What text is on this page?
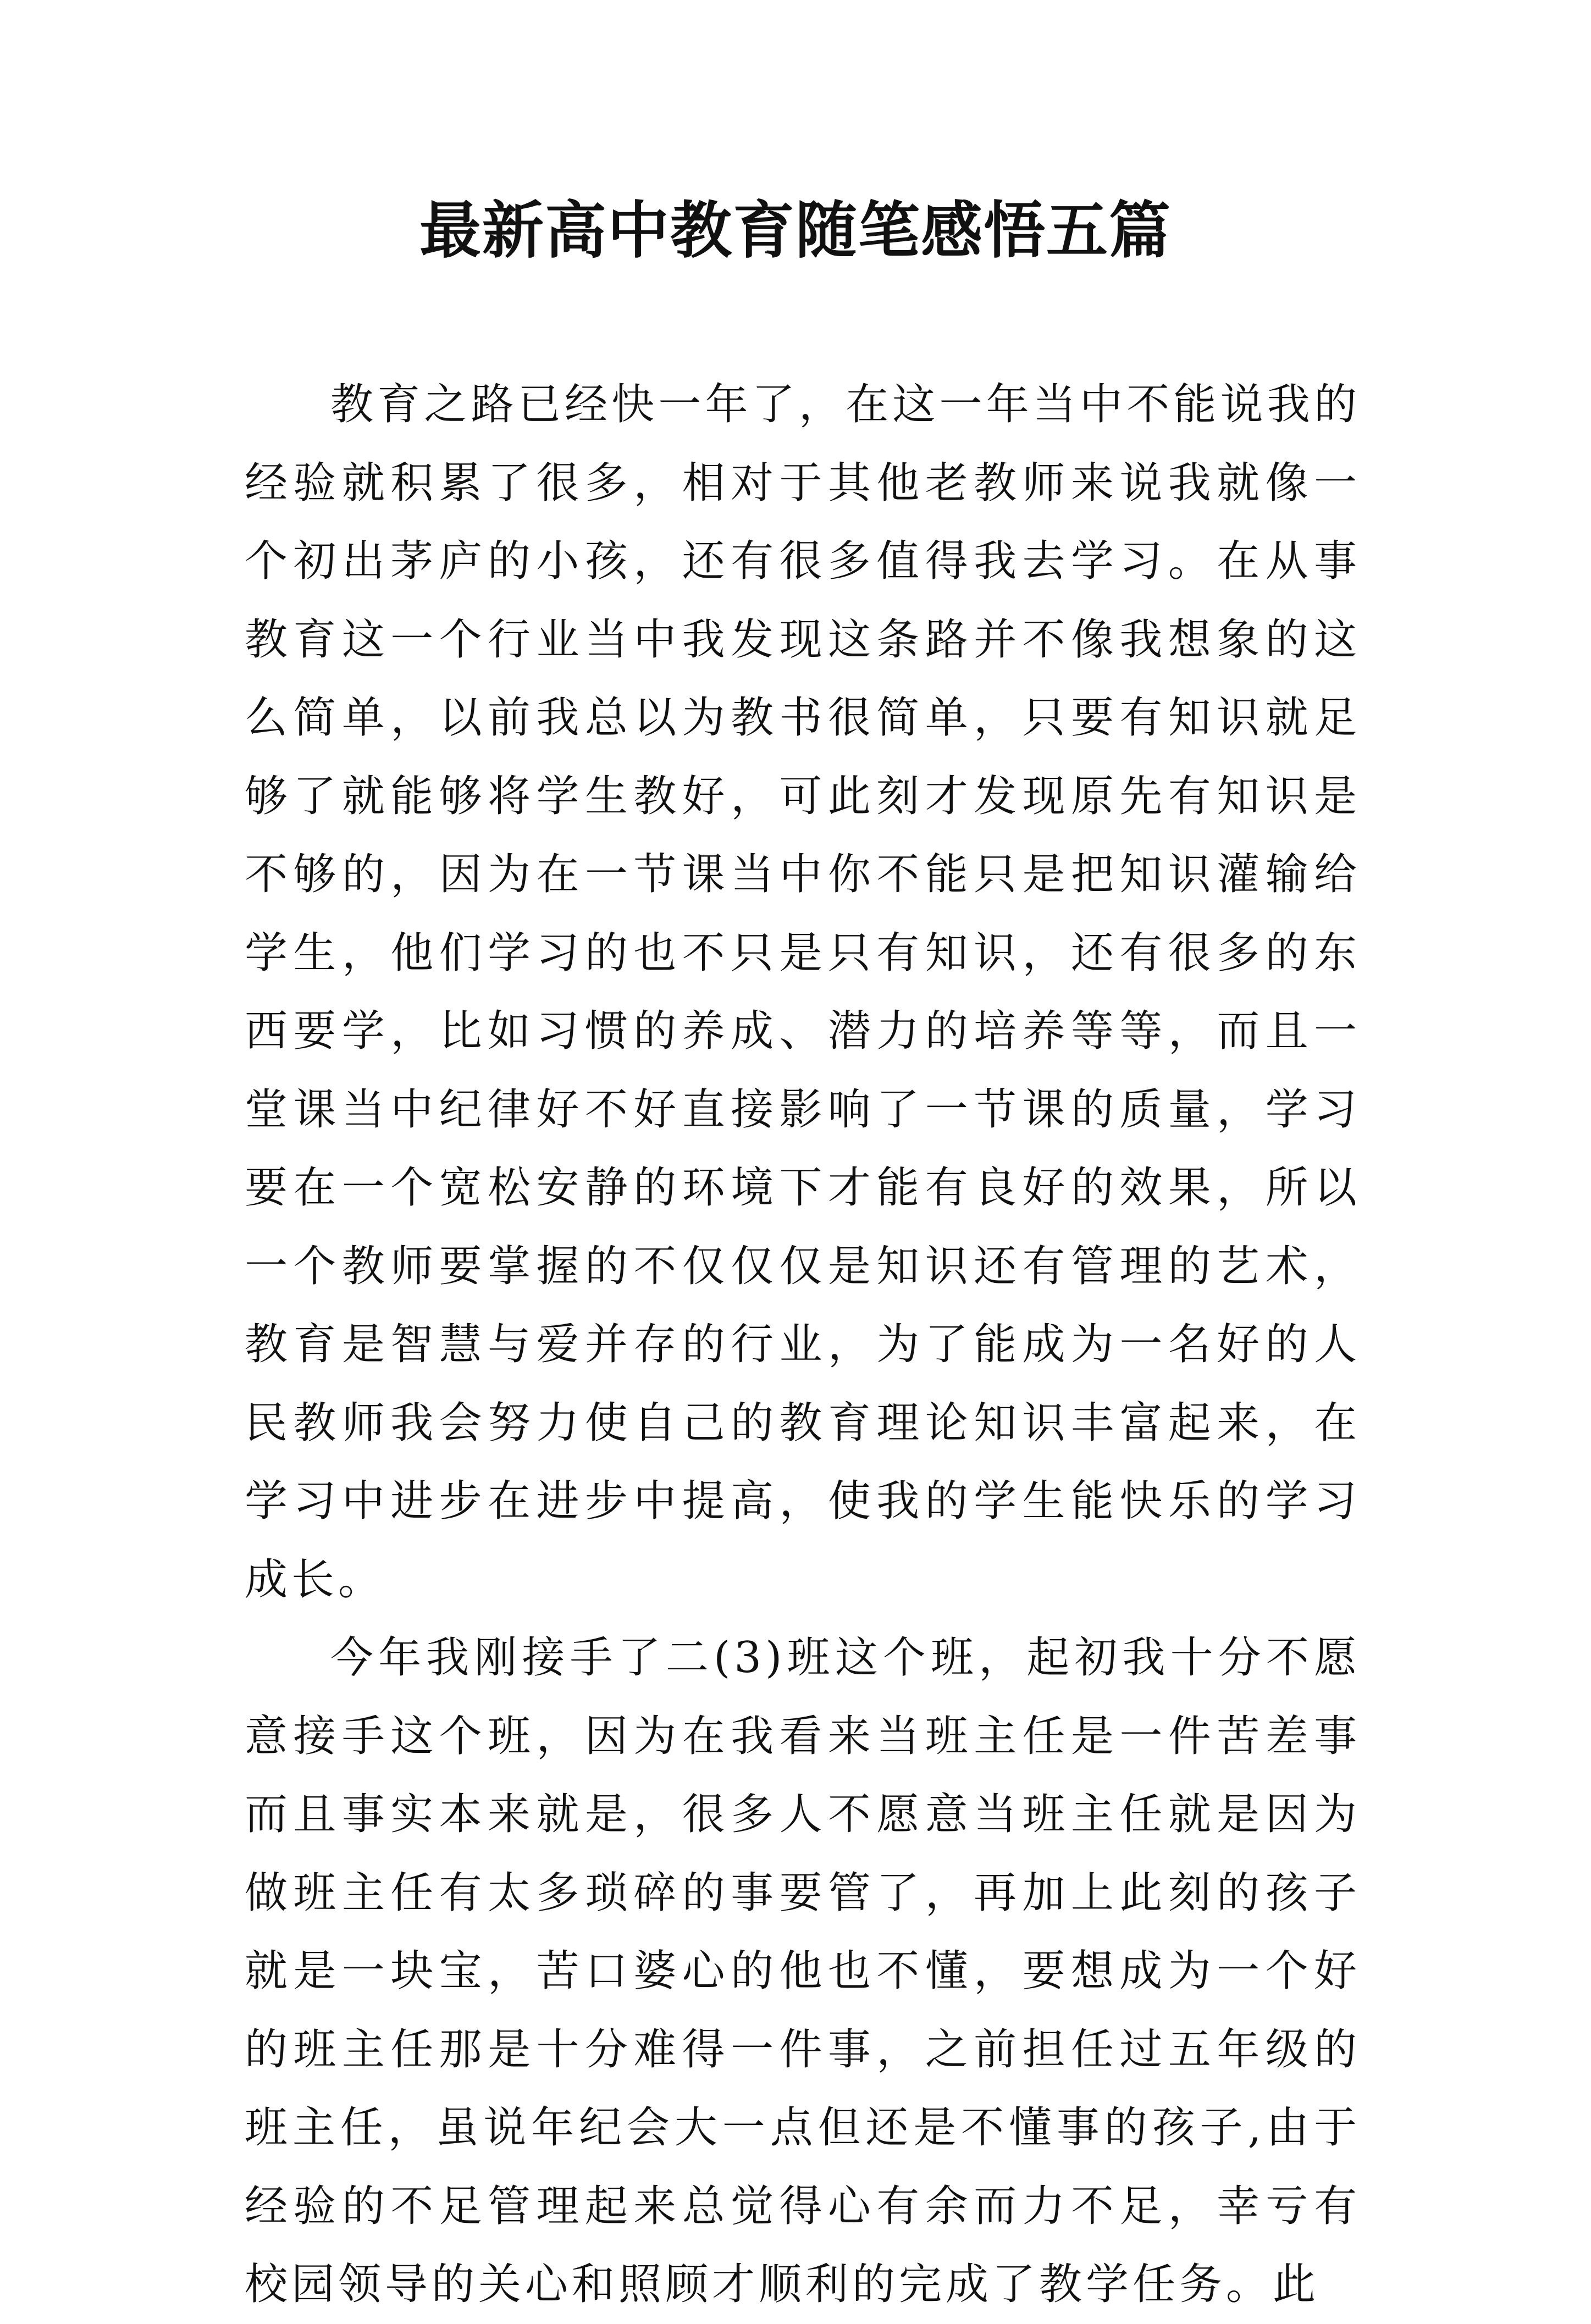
最新高中教育随笔感悟五篇

教育之路已经快一年了，在这一年当中不能说我的经验就积累了很多，相对于其他老教师来说我就像一个初出茅庐的小孩，还有很多值得我去学习。在从事教育这一个行业当中我发现这条路并不像我想象的这么简单，以前我总以为教书很简单，只要有知识就足够了就能够将学生教好，可此刻才发现原先有知识是不够的，因为在一节课当中你不能只是把知识灌输给学生，他们学习的也不只是只有知识，还有很多的东西要学，比如习惯的养成、潜力的培养等等，而且一堂课当中纪律好不好直接影响了一节课的质量，学习要在一个宽松安静的环境下才能有良好的效果，所以一个教师要掌握的不仅仅仅是知识还有管理的艺术，教育是智慧与爱并存的行业，为了能成为一名好的人民教师我会努力使自己的教育理论知识丰富起来，在学习中进步在进步中提高，使我的学生能快乐的学习成长。

今年我刚接手了二(3)班这个班，起初我十分不愿意接手这个班，因为在我看来当班主任是一件苦差事而且事实本来就是，很多人不愿意当班主任就是因为做班主任有太多琐碎的事要管了，再加上此刻的孩子就是一块宝，苦口婆心的他也不懂，要想成为一个好的班主任那是十分难得一件事，之前担任过五年级的班主任，虽说年纪会大一点但还是不懂事的孩子,由于经验的不足管理起来总觉得心有余而力不足，幸亏有校园领导的关心和照顾才顺利的完成了教学任务。此
